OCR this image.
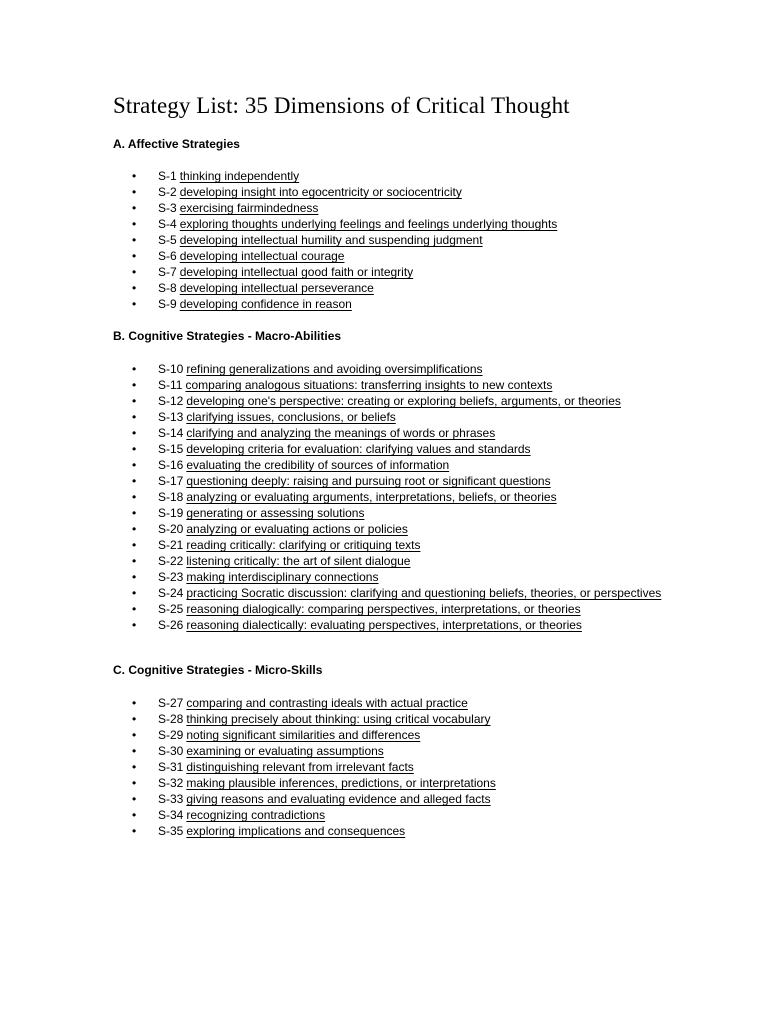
Strategy List: 35 Dimensions of Critical Thought
A. Affective Strategies
• S-1 thinking independently
• S-2 developing insight into egocentricity or sociocentricity
• S-3 exercising fairmindedness
• S-4 exploring thoughts underlying feelings and feelings underlying thoughts
• S-5 developing intellectual humility and suspending judgment
• S-6 developing intellectual courage
• S-7 developing intellectual good faith or integrity
• S-8 developing intellectual perseverance
• S-9 developing confidence in reason
B. Cognitive Strategies - Macro-Abilities
• S-10 refining generalizations and avoiding oversimplifications
• S-11 comparing analogous situations: transferring insights to new contexts
• S-12 developing one's perspective: creating or exploring beliefs, arguments, or theories
• S-13 clarifying issues, conclusions, or beliefs
• S-14 clarifying and analyzing the meanings of words or phrases
• S-15 developing criteria for evaluation: clarifying values and standards
• S-16 evaluating the credibility of sources of information
• S-17 questioning deeply: raising and pursuing root or significant questions
• S-18 analyzing or evaluating arguments, interpretations, beliefs, or theories
• S-19 generating or assessing solutions
• S-20 analyzing or evaluating actions or policies
• S-21 reading critically: clarifying or critiquing texts
• S-22 listening critically: the art of silent dialogue
• S-23 making interdisciplinary connections
• S-24 practicing Socratic discussion: clarifying and questioning beliefs, theories, or perspectives
• S-25 reasoning dialogically: comparing perspectives, interpretations, or theories
• S-26 reasoning dialectically: evaluating perspectives, interpretations, or theories
C. Cognitive Strategies - Micro-Skills
• S-27 comparing and contrasting ideals with actual practice
• S-28 thinking precisely about thinking: using critical vocabulary
• S-29 noting significant similarities and differences
• S-30 examining or evaluating assumptions
• S-31 distinguishing relevant from irrelevant facts
• S-32 making plausible inferences, predictions, or interpretations
• S-33 giving reasons and evaluating evidence and alleged facts
• S-34 recognizing contradictions
• S-35 exploring implications and consequences
